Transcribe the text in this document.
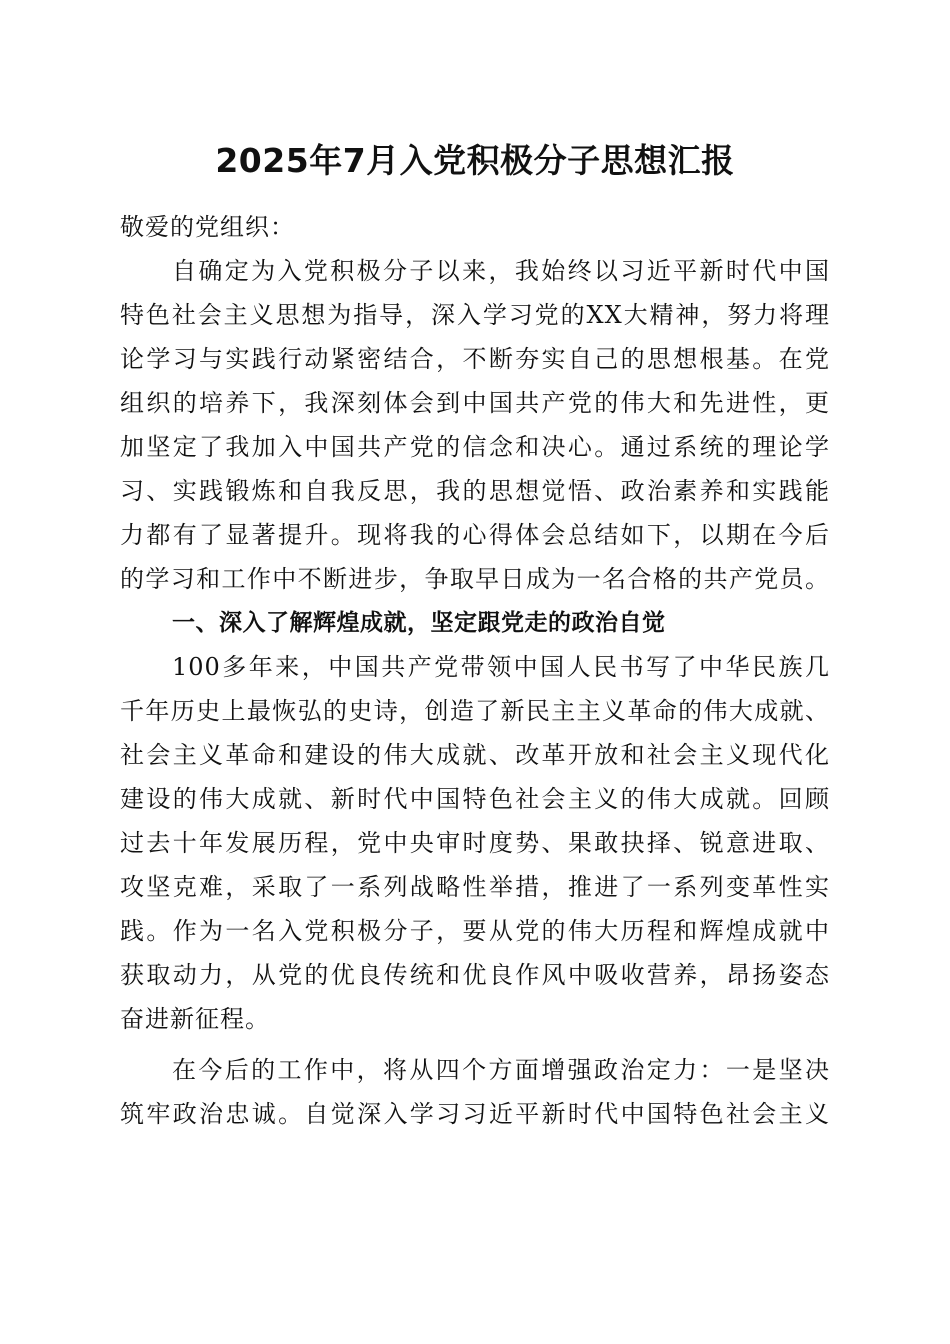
2025年7月入党积极分子思想汇报
敬爱的党组织：
自确定为入党积极分子以来，我始终以习近平新时代中国
特色社会主义思想为指导，深入学习党的XX大精神，努力将理
论学习与实践行动紧密结合，不断夯实自己的思想根基。在党
组织的培养下，我深刻体会到中国共产党的伟大和先进性，更
加坚定了我加入中国共产党的信念和决心。通过系统的理论学
习、实践锻炼和自我反思，我的思想觉悟、政治素养和实践能
力都有了显著提升。现将我的心得体会总结如下，以期在今后
的学习和工作中不断进步，争取早日成为一名合格的共产党员。
一、深入了解辉煌成就，坚定跟党走的政治自觉
100多年来，中国共产党带领中国人民书写了中华民族几
千年历史上最恢弘的史诗，创造了新民主主义革命的伟大成就、
社会主义革命和建设的伟大成就、改革开放和社会主义现代化
建设的伟大成就、新时代中国特色社会主义的伟大成就。回顾
过去十年发展历程，党中央审时度势、果敢抉择、锐意进取、
攻坚克难，采取了一系列战略性举措，推进了一系列变革性实
践。作为一名入党积极分子，要从党的伟大历程和辉煌成就中
获取动力，从党的优良传统和优良作风中吸收营养，昂扬姿态
奋进新征程。
在今后的工作中，将从四个方面增强政治定力：一是坚决
筑牢政治忠诚。自觉深入学习习近平新时代中国特色社会主义
